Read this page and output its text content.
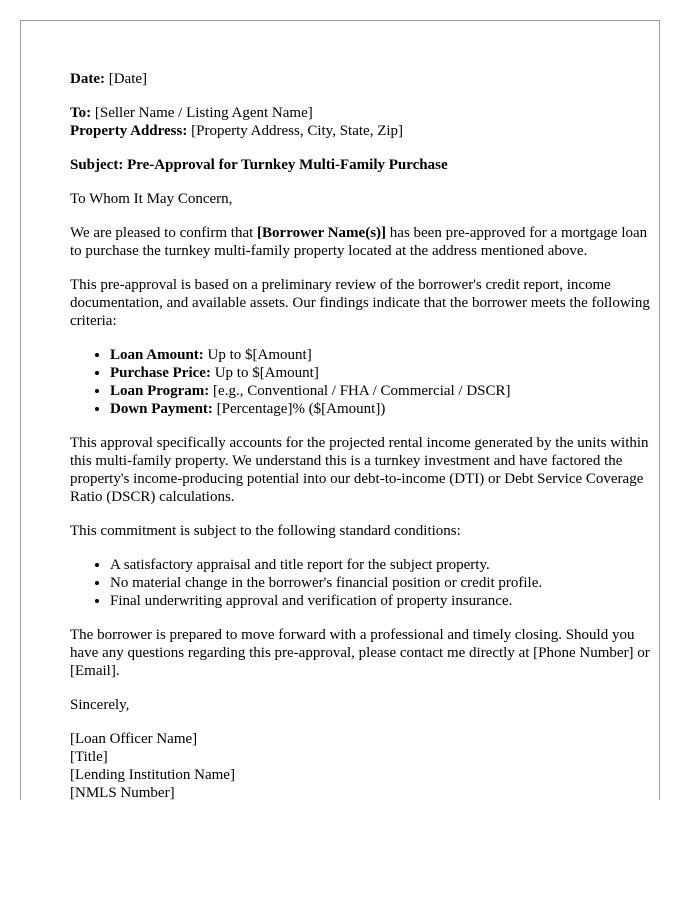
Date: [Date]

To: [Seller Name / Listing Agent Name]
Property Address: [Property Address, City, State, Zip]

Subject: Pre-Approval for Turnkey Multi-Family Purchase

To Whom It May Concern,

We are pleased to confirm that [Borrower Name(s)] has been pre-approved for a mortgage loan to purchase the turnkey multi-family property located at the address mentioned above.

This pre-approval is based on a preliminary review of the borrower's credit report, income documentation, and available assets. Our findings indicate that the borrower meets the following criteria:

• Loan Amount: Up to $[Amount]
• Purchase Price: Up to $[Amount]
• Loan Program: [e.g., Conventional / FHA / Commercial / DSCR]
• Down Payment: [Percentage]% ($[Amount])

This approval specifically accounts for the projected rental income generated by the units within this multi-family property. We understand this is a turnkey investment and have factored the property's income-producing potential into our debt-to-income (DTI) or Debt Service Coverage Ratio (DSCR) calculations.

This commitment is subject to the following standard conditions:

• A satisfactory appraisal and title report for the subject property.
• No material change in the borrower's financial position or credit profile.
• Final underwriting approval and verification of property insurance.

The borrower is prepared to move forward with a professional and timely closing. Should you have any questions regarding this pre-approval, please contact me directly at [Phone Number] or [Email].

Sincerely,

[Loan Officer Name]

[Title]

[Lending Institution Name]

[NMLS Number]
